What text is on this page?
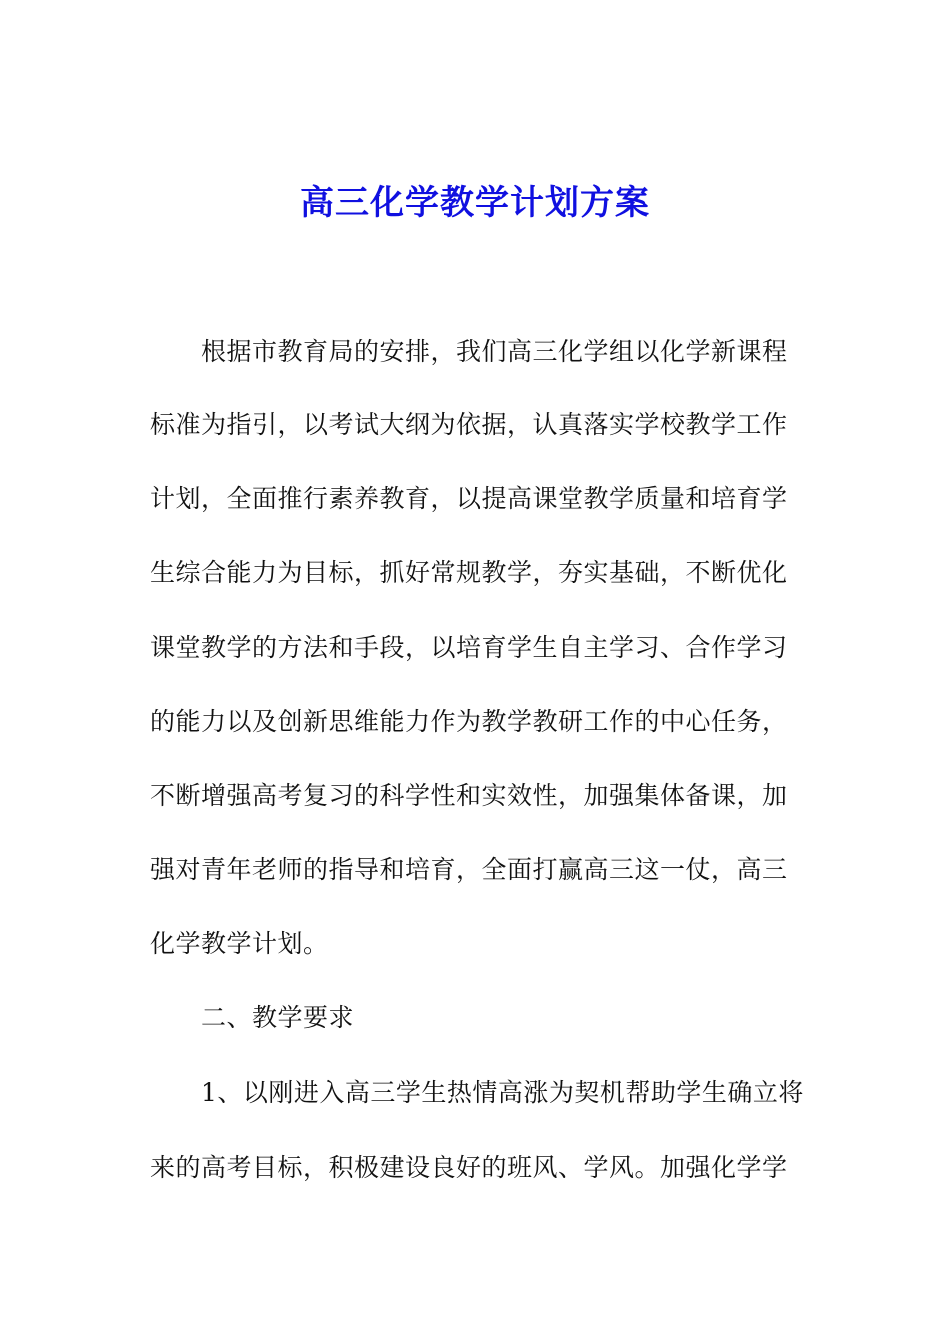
高三化学教学计划方案
根据市教育局的安排，我们高三化学组以化学新课程
标准为指引，以考试大纲为依据，认真落实学校教学工作
计划，全面推行素养教育，以提高课堂教学质量和培育学
生综合能力为目标，抓好常规教学，夯实基础，不断优化
课堂教学的方法和手段，以培育学生自主学习、合作学习
的能力以及创新思维能力作为教学教研工作的中心任务，
不断增强高考复习的科学性和实效性，加强集体备课，加
强对青年老师的指导和培育，全面打赢高三这一仗，高三
化学教学计划。
二、教学要求
1、以刚进入高三学生热情高涨为契机帮助学生确立将
来的高考目标，积极建设良好的班风、学风。加强化学学
